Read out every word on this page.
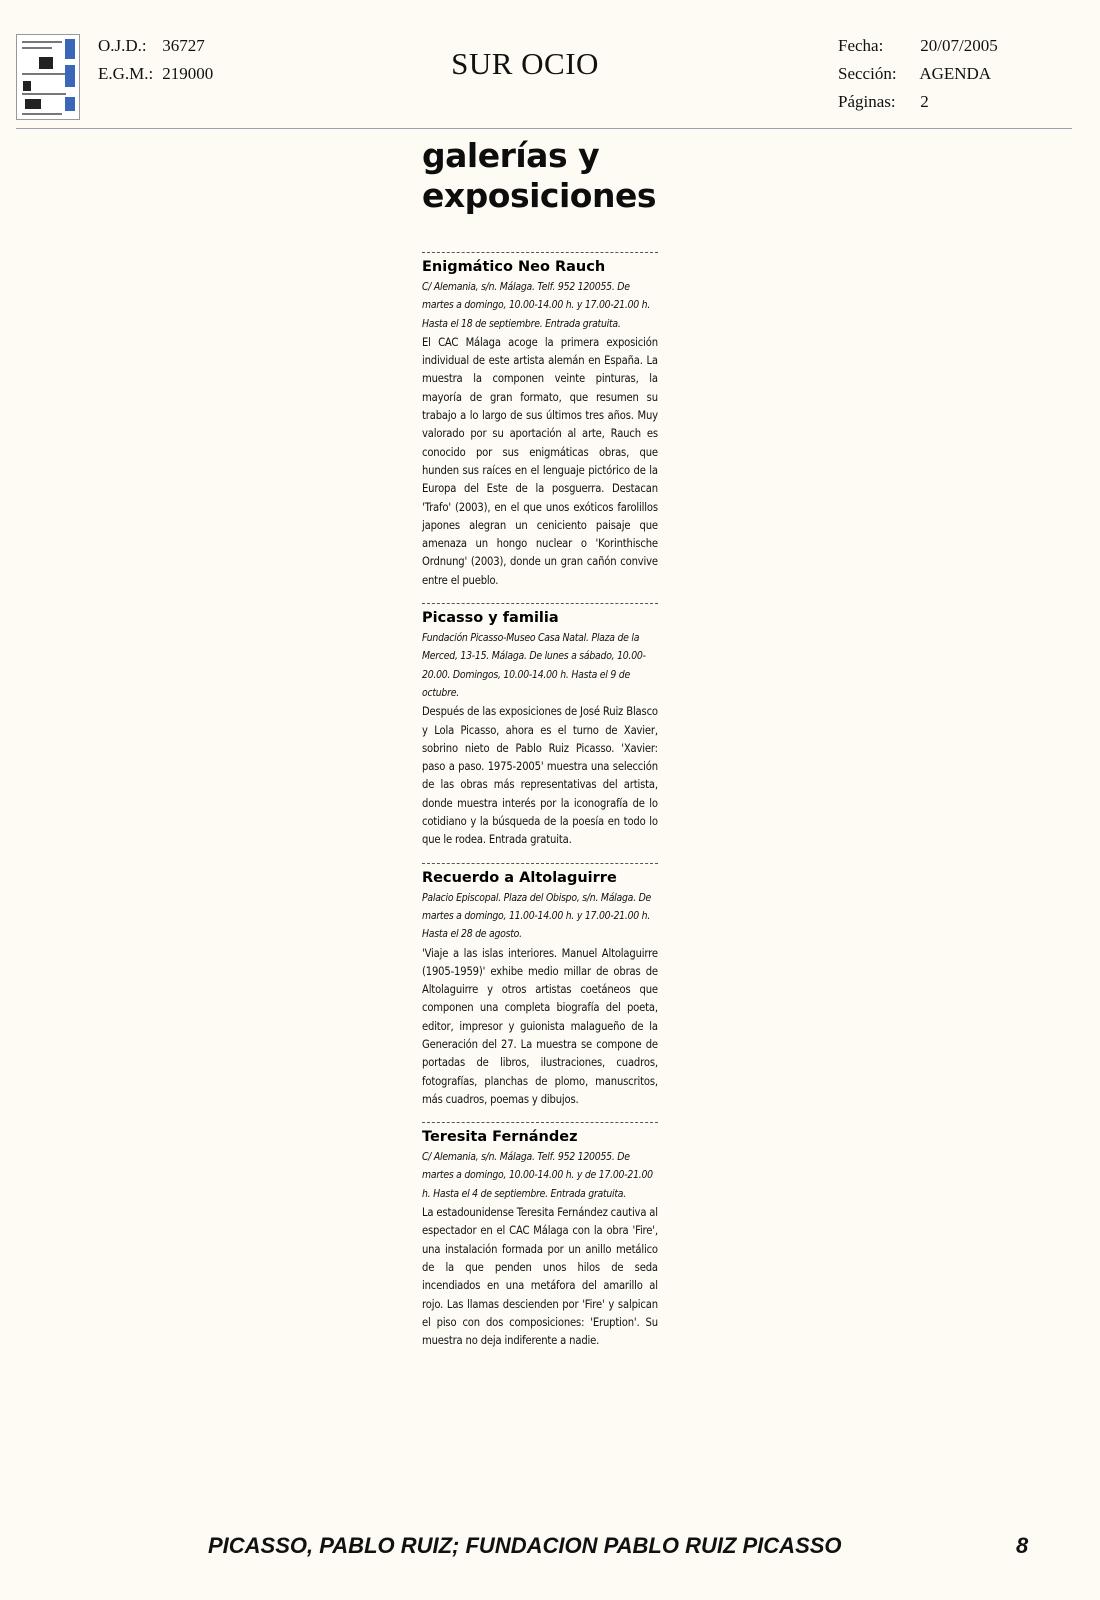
O.J.D.: 36727
E.G.M.: 219000	SUR OCIO
Fecha: 20/07/2005
Sección: AGENDA
Páginas: 2
galerías y
exposiciones
Enigmático Neo Rauch

C/ Alemania, s/n. Málaga. Telf. 952 120055. De martes a domingo, 10.00-14.00 h. y 17.00-21.00 h. Hasta el 18 de septiembre. Entrada gratuita.

El CAC Málaga acoge la primera exposición individual de este artista alemán en España. La muestra la componen veinte pinturas, la mayoría de gran formato, que resumen su trabajo a lo largo de sus últimos tres años. Muy valorado por su aportación al arte, Rauch es conocido por sus enigmáticas obras, que hunden sus raíces en el lenguaje pictórico de la Europa del Este de la posguerra. Destacan 'Trafo' (2003), en el que unos exóticos farolillos japones alegran un ceniciento paisaje que amenaza un hongo nuclear o 'Korinthische Ordnung' (2003), donde un gran cañón convive entre el pueblo.

Picasso y familia

Fundación Picasso-Museo Casa Natal. Plaza de la Merced, 13-15. Málaga. De lunes a sábado, 10.00-20.00. Domingos, 10.00-14.00 h. Hasta el 9 de octubre.

Después de las exposiciones de José Ruiz Blasco y Lola Picasso, ahora es el turno de Xavier, sobrino nieto de Pablo Ruiz Picasso. 'Xavier: paso a paso. 1975-2005' muestra una selección de las obras más representativas del artista, donde muestra interés por la iconografía de lo cotidiano y la búsqueda de la poesía en todo lo que le rodea. Entrada gratuita.

Recuerdo a Altolaguirre

Palacio Episcopal. Plaza del Obispo, s/n. Málaga. De martes a domingo, 11.00-14.00 h. y 17.00-21.00 h. Hasta el 28 de agosto.

'Viaje a las islas interiores. Manuel Altolaguirre (1905-1959)' exhibe medio millar de obras de Altolaguirre y otros artistas coetáneos que componen una completa biografía del poeta, editor, impresor y guionista malagueño de la Generación del 27. La muestra se compone de portadas de libros, ilustraciones, cuadros, fotografías, planchas de plomo, manuscritos, más cuadros, poemas y dibujos.

Teresita Fernández

C/ Alemania, s/n. Málaga. Telf. 952 120055. De martes a domingo, 10.00-14.00 h. y de 17.00-21.00 h. Hasta el 4 de septiembre. Entrada gratuita.

La estadounidense Teresita Fernández cautiva al espectador en el CAC Málaga con la obra 'Fire', una instalación formada por un anillo metálico de la que penden unos hilos de seda incendiados en una metáfora del amarillo al rojo. Las llamas descienden por 'Fire' y salpican el piso con dos composiciones: 'Eruption'. Su muestra no deja indiferente a nadie.

PICASSO, PABLO RUIZ; FUNDACION PABLO RUIZ PICASSO	8
